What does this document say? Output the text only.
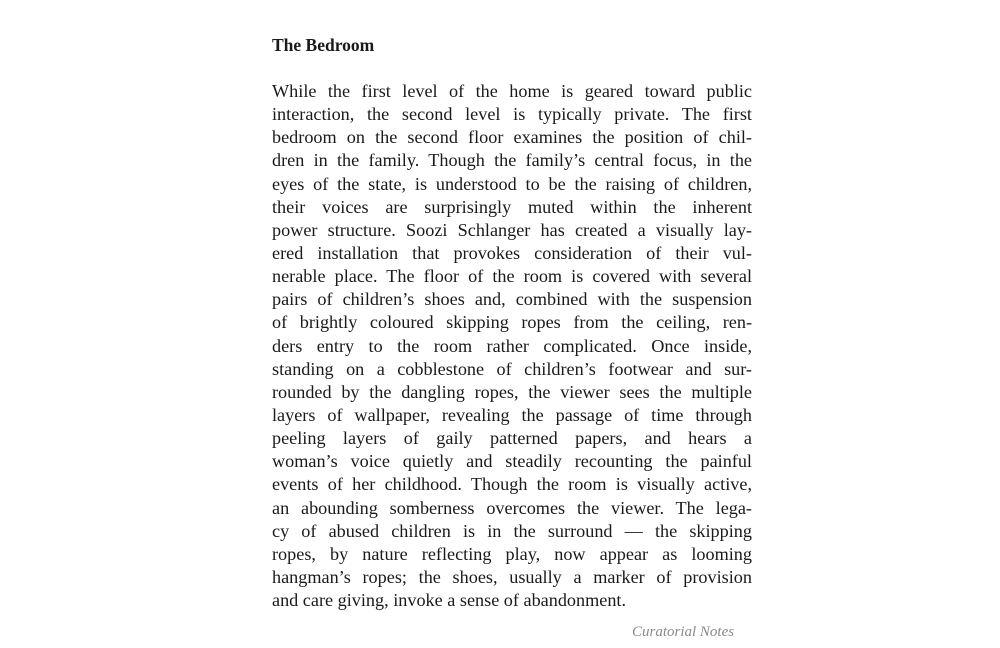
The Bedroom
While the first level of the home is geared toward public
interaction, the second level is typically private. The first
bedroom on the second floor examines the position of chil-
dren in the family. Though the family’s central focus, in the
eyes of the state, is understood to be the raising of children,
their voices are surprisingly muted within the inherent
power structure. Soozi Schlanger has created a visually lay-
ered installation that provokes consideration of their vul-
nerable place. The floor of the room is covered with several
pairs of children’s shoes and, combined with the suspension
of brightly coloured skipping ropes from the ceiling, ren-
ders entry to the room rather complicated. Once inside,
standing on a cobblestone of children’s footwear and sur-
rounded by the dangling ropes, the viewer sees the multiple
layers of wallpaper, revealing the passage of time through
peeling layers of gaily patterned papers, and hears a
woman’s voice quietly and steadily recounting the painful
events of her childhood. Though the room is visually active,
an abounding somberness overcomes the viewer. The lega-
cy of abused children is in the surround — the skipping
ropes, by nature reflecting play, now appear as looming
hangman’s ropes; the shoes, usually a marker of provision
and care giving, invoke a sense of abandonment.
Curatorial Notes
